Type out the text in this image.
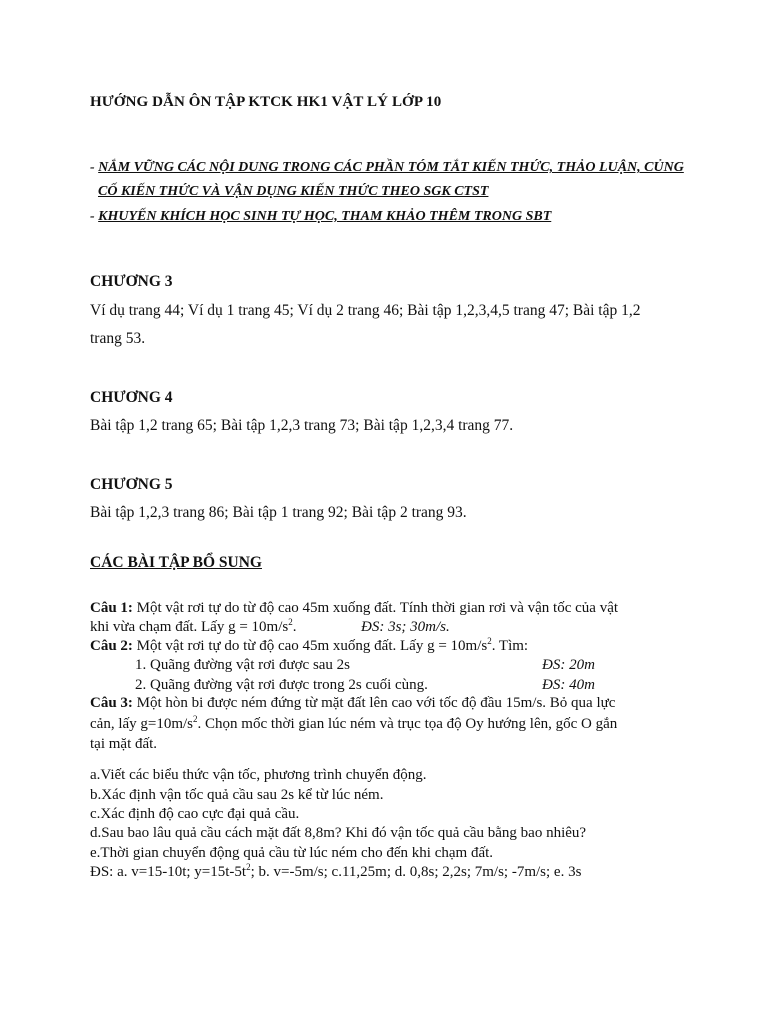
HƯỚNG DẪN ÔN TẬP KTCK HK1 VẬT LÝ LỚP 10
- NẮM VỮNG CÁC NỘI DUNG TRONG CÁC PHẦN TÓM TẮT KIẾN THỨC, THẢO LUẬN, CỦNG
CỐ KIẾN THỨC VÀ VẬN DỤNG KIẾN THỨC THEO SGK CTST
- KHUYẾN KHÍCH HỌC SINH TỰ HỌC, THAM KHẢO THÊM TRONG SBT
CHƯƠNG 3
Ví dụ trang 44; Ví dụ 1 trang 45; Ví dụ 2 trang 46; Bài tập 1,2,3,4,5 trang 47; Bài tập 1,2
trang 53.
CHƯƠNG 4
Bài tập 1,2 trang 65; Bài tập 1,2,3 trang 73; Bài tập 1,2,3,4 trang 77.
CHƯƠNG 5
Bài tập 1,2,3 trang 86; Bài tập 1 trang 92; Bài tập 2 trang 93.
CÁC BÀI TẬP BỔ SUNG
Câu 1: Một vật rơi tự do từ độ cao 45m xuống đất. Tính thời gian rơi và vận tốc của vật
khi vừa chạm đất. Lấy $g = 10m/s^2$.	ĐS: 3s; 30m/s.
Câu 2: Một vật rơi tự do từ độ cao 45m xuống đất. Lấy $g = 10m/s^2$. Tìm:
1. Quãng đường vật rơi được sau 2s	ĐS: 20m
2. Quãng đường vật rơi được trong 2s cuối cùng.	ĐS: 40m
Câu 3: Một hòn bi được ném đứng từ mặt đất lên cao với tốc độ đầu 15m/s. Bỏ qua lực
cản, lấy $g=10m/s^2$. Chọn mốc thời gian lúc ném và trục tọa độ Oy hướng lên, gốc O gắn
tại mặt đất.
a.Viết các biểu thức vận tốc, phương trình chuyển động.
b.Xác định vận tốc quả cầu sau 2s kể từ lúc ném.
c.Xác định độ cao cực đại quả cầu.
d.Sau bao lâu quả cầu cách mặt đất 8,8m? Khi đó vận tốc quả cầu bằng bao nhiêu?
e.Thời gian chuyển động quả cầu từ lúc ném cho đến khi chạm đất.
ĐS: a. v=15-10t; $y=15t-5t^2$; b. v=-5m/s; c.11,25m; d. 0,8s; 2,2s; 7m/s; -7m/s; e. 3s
